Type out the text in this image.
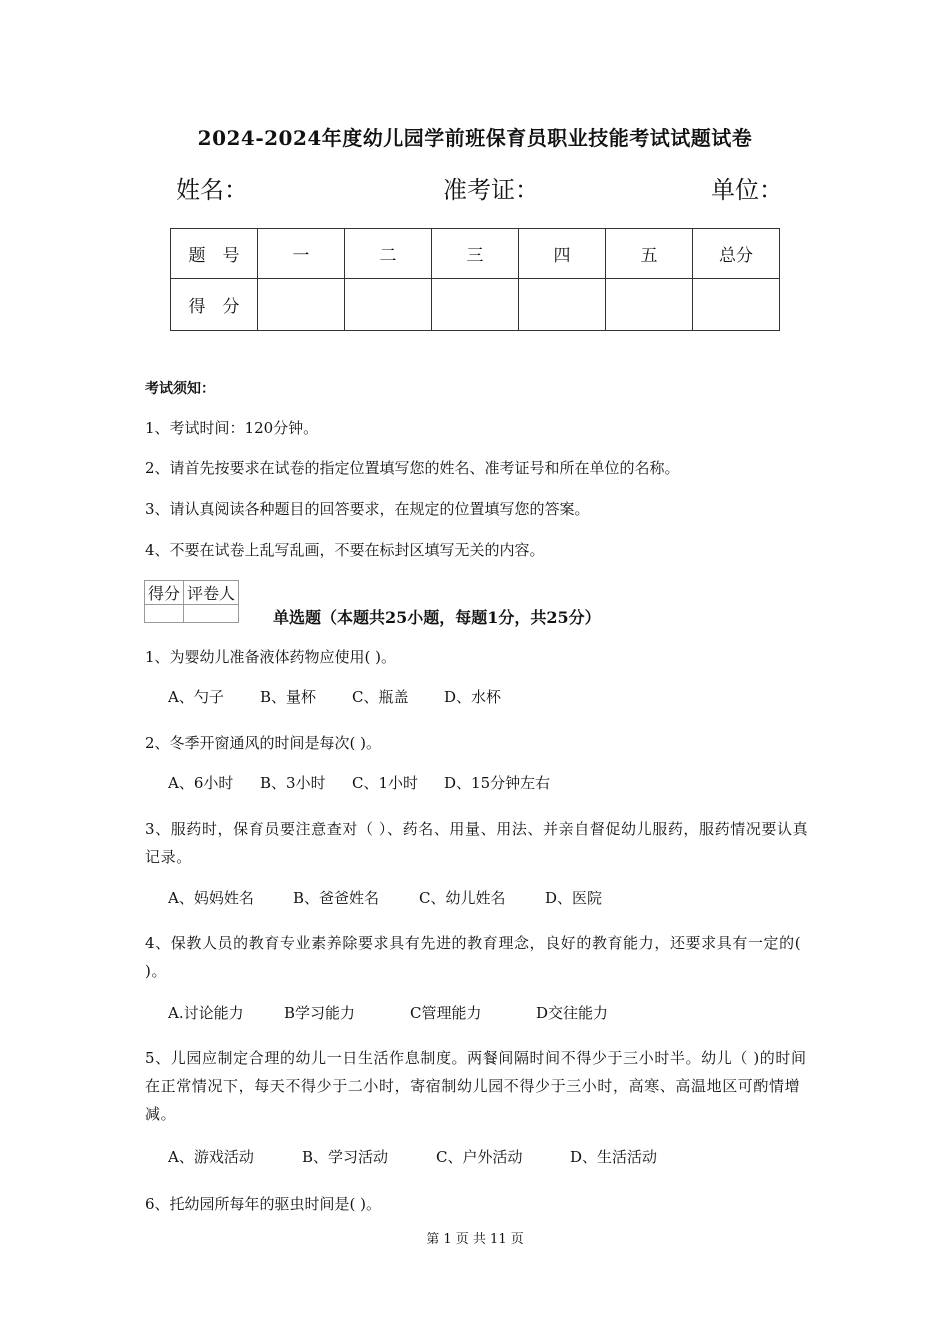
2024-2024年度幼儿园学前班保育员职业技能考试试题试卷
姓名：	准考证：	单位：
题　号	一	二	三	四	五	总分
得　分						
考试须知：
1、考试时间：120分钟。
2、请首先按要求在试卷的指定位置填写您的姓名、准考证号和所在单位的名称。
3、请认真阅读各种题目的回答要求，在规定的位置填写您的答案。
4、不要在试卷上乱写乱画，不要在标封区填写无关的内容。
得分	评卷人

单选题（本题共25小题，每题1分，共25分）
1、为婴幼儿准备液体药物应使用( )。
A、勺子 B、量杯 C、瓶盖 D、水杯
2、冬季开窗通风的时间是每次( )。
A、6小时 B、3小时 C、1小时 D、15分钟左右
3、服药时，保育员要注意查对（ ）、药名、用量、用法、并亲自督促幼儿服药，服药情况要认真记录。
A、妈妈姓名	B、爸爸姓名	C、幼儿姓名	D、医院
4、保教人员的教育专业素养除要求具有先进的教育理念，良好的教育能力，还要求具有一定的( )。
A.讨论能力	B学习能力	C管理能力	D交往能力
5、儿园应制定合理的幼儿一日生活作息制度。两餐间隔时间不得少于三小时半。幼儿（ )的时间在正常情况下，每天不得少于二小时，寄宿制幼儿园不得少于三小时，高寒、高温地区可酌情增减。
A、游戏活动	B、学习活动	C、户外活动	D、生活活动
6、托幼园所每年的驱虫时间是( )。
第 1 页 共 11 页
